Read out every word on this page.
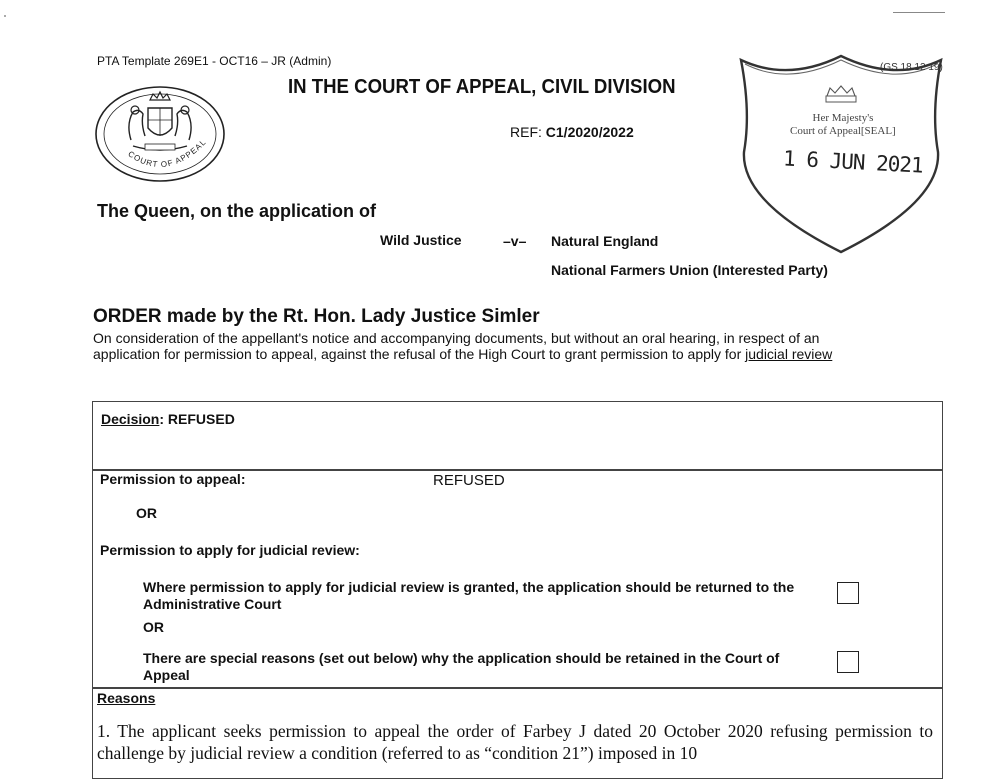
PTA Template 269E1 - OCT16 – JR (Admin)
IN THE COURT OF APPEAL, CIVIL DIVISION
REF: C1/2020/2022
COURT OF APPEAL
(GS 18 12 19)
Her Majesty's
Court of Appeal[SEAL]
1 6 JUN 2021
The Queen, on the application of
Wild Justice	–v– Natural England
National Farmers Union (Interested Party)
ORDER made by the Rt. Hon. Lady Justice Simler
On consideration of the appellant's notice and accompanying documents, but without an oral hearing, in respect of an application for permission to appeal, against the refusal of the High Court to grant permission to apply for judicial review
Decision: REFUSED
Permission to appeal:	REFUSED
OR
Permission to apply for judicial review:
Where permission to apply for judicial review is granted, the application should be returned to the Administrative Court
OR
There are special reasons (set out below) why the application should be retained in the Court of Appeal
Reasons
1. The applicant seeks permission to appeal the order of Farbey J dated 20 October 2020 refusing permission to challenge by judicial review a condition (referred to as “condition 21”) imposed in 10
